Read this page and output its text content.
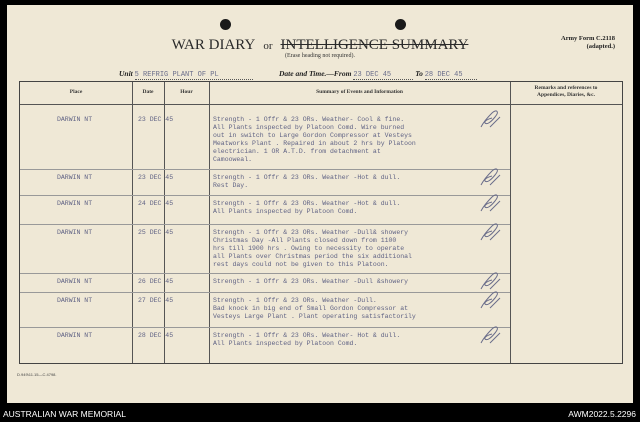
WAR DIARY or INTELLIGENCE SUMMARY
(Erase heading not required).
Army Form C.2118
(adapted.)
Unit 5 REFRIG PLANT OF PL	Date and Time.—From 23 DEC 45	To 28 DEC 45
Place	Date	Hour	Summary of Events and Information
Remarks and references to
Appendices, Diaries, &c.
DARWIN NT	23 DEC 45	Strength - 1 Offr & 23 ORs. Weather- Cool & fine.
All Plants inspected by Platoon Comd. Wire burned
out in switch to Large Gordon Compressor at Vesteys
Meatworks Plant . Repaired in about 2 hrs by Platoon
electrician. 1 OR A.T.D. from detachment at
Camooweal.
DARWIN NT	23 DEC 45	Strength - 1 Offr & 23 ORs. Weather -Hot & dull.
Rest Day.
DARWIN NT	24 DEC 45	Strength - 1 Offr & 23 ORs. Weather -Hot & dull.
All Plants inspected by Platoon Comd.
DARWIN NT	25 DEC 45	Strength - 1 Offr & 23 ORs. Weather -Dull& showery
Christmas Day -All Plants closed down from 1100
hrs till 1900 hrs . Owing to necessity to operate
all Plants over Christmas period the six additional
rest days could not be given to this Platoon.
DARWIN NT	26 DEC 45	Strength - 1 Offr & 23 ORs. Weather -Dull &showery
DARWIN NT	27 DEC 45	Strength - 1 Offr & 23 ORs. Weather -Dull.
Bad knock in big end of Small Gordon Compressor at
Vesteys Large Plant . Plant operating satisfactorily
DARWIN NT	28 DEC 45	Strength - 1 Offr & 23 ORs. Weather- Hot & dull.
All Plants inspected by Platoon Comd.
D.949\11.15—C.4798.
AUSTRALIAN WAR MEMORIAL	AWM2022.5.2296
